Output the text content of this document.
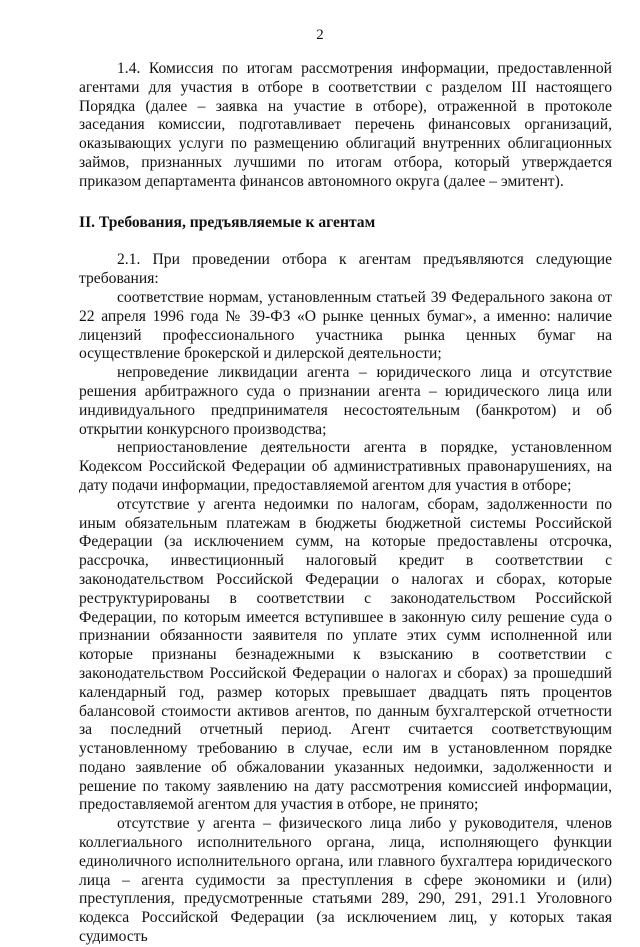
2

1.4. Комиссия по итогам рассмотрения информации, предоставленной агентами для участия в отборе в соответствии с разделом III настоящего Порядка (далее – заявка на участие в отборе), отраженной в протоколе заседания комиссии, подготавливает перечень финансовых организаций, оказывающих услуги по размещению облигаций внутренних облигационных займов, признанных лучшими по итогам отбора, который утверждается приказом департамента финансов автономного округа (далее – эмитент).

II. Требования, предъявляемые к агентам

2.1. При проведении отбора к агентам предъявляются следующие требования:

соответствие нормам, установленным статьей 39 Федерального закона от 22 апреля 1996 года № 39-ФЗ «О рынке ценных бумаг», а именно: наличие лицензий профессионального участника рынка ценных бумаг на осуществление брокерской и дилерской деятельности;

непроведение ликвидации агента – юридического лица и отсутствие решения арбитражного суда о признании агента – юридического лица или индивидуального предпринимателя несостоятельным (банкротом) и об открытии конкурсного производства;

неприостановление деятельности агента в порядке, установленном Кодексом Российской Федерации об административных правонарушениях, на дату подачи информации, предоставляемой агентом для участия в отборе;

отсутствие у агента недоимки по налогам, сборам, задолженности по иным обязательным платежам в бюджеты бюджетной системы Российской Федерации (за исключением сумм, на которые предоставлены отсрочка, рассрочка, инвестиционный налоговый кредит в соответствии с законодательством Российской Федерации о налогах и сборах, которые реструктурированы в соответствии с законодательством Российской Федерации, по которым имеется вступившее в законную силу решение суда о признании обязанности заявителя по уплате этих сумм исполненной или которые признаны безнадежными к взысканию в соответствии с законодательством Российской Федерации о налогах и сборах) за прошедший календарный год, размер которых превышает двадцать пять процентов балансовой стоимости активов агентов, по данным бухгалтерской отчетности за последний отчетный период. Агент считается соответствующим установленному требованию в случае, если им в установленном порядке подано заявление об обжаловании указанных недоимки, задолженности и решение по такому заявлению на дату рассмотрения комиссией информации, предоставляемой агентом для участия в отборе, не принято;

отсутствие у агента – физического лица либо у руководителя, членов коллегиального исполнительного органа, лица, исполняющего функции единоличного исполнительного органа, или главного бухгалтера юридического лица – агента судимости за преступления в сфере экономики и (или) преступления, предусмотренные статьями 289, 290, 291, 291.1 Уголовного кодекса Российской Федерации (за исключением лиц, у которых такая судимость
